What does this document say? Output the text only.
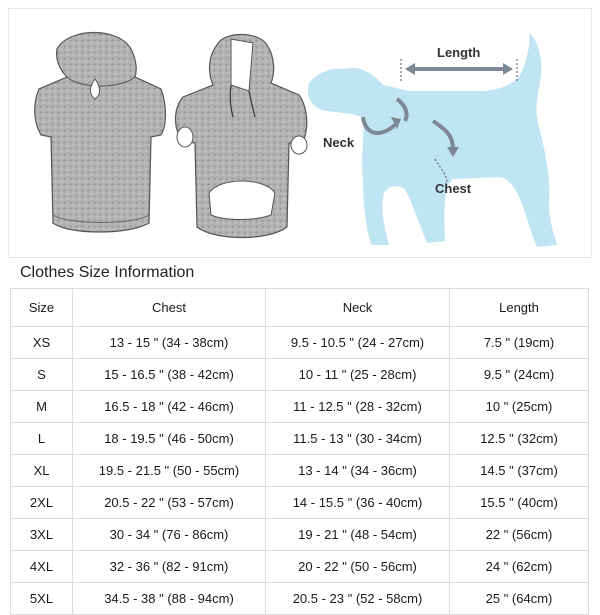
Length
Neck
Chest
Clothes Size Information
Size	Chest	Neck	Length
XS	13 - 15 " (34 - 38cm)	9.5 - 10.5 " (24 - 27cm)	7.5 " (19cm)
S	15 - 16.5 " (38 - 42cm)	10 - 11 " (25 - 28cm)	9.5 " (24cm)
M	16.5 - 18 " (42 - 46cm)	11 - 12.5 " (28 - 32cm)	10 " (25cm)
L	18 - 19.5 " (46 - 50cm)	11.5 - 13 " (30 - 34cm)	12.5 " (32cm)
XL	19.5 - 21.5 " (50 - 55cm)	13 - 14 " (34 - 36cm)	14.5 " (37cm)
2XL	20.5 - 22 " (53 - 57cm)	14 - 15.5 " (36 - 40cm)	15.5 " (40cm)
3XL	30 - 34 " (76 - 86cm)	19 - 21 " (48 - 54cm)	22 " (56cm)
4XL	32 - 36 " (82 - 91cm)	20 - 22 " (50 - 56cm)	24 " (62cm)
5XL	34.5 - 38 " (88 - 94cm)	20.5 - 23 " (52 - 58cm)	25 " (64cm)
